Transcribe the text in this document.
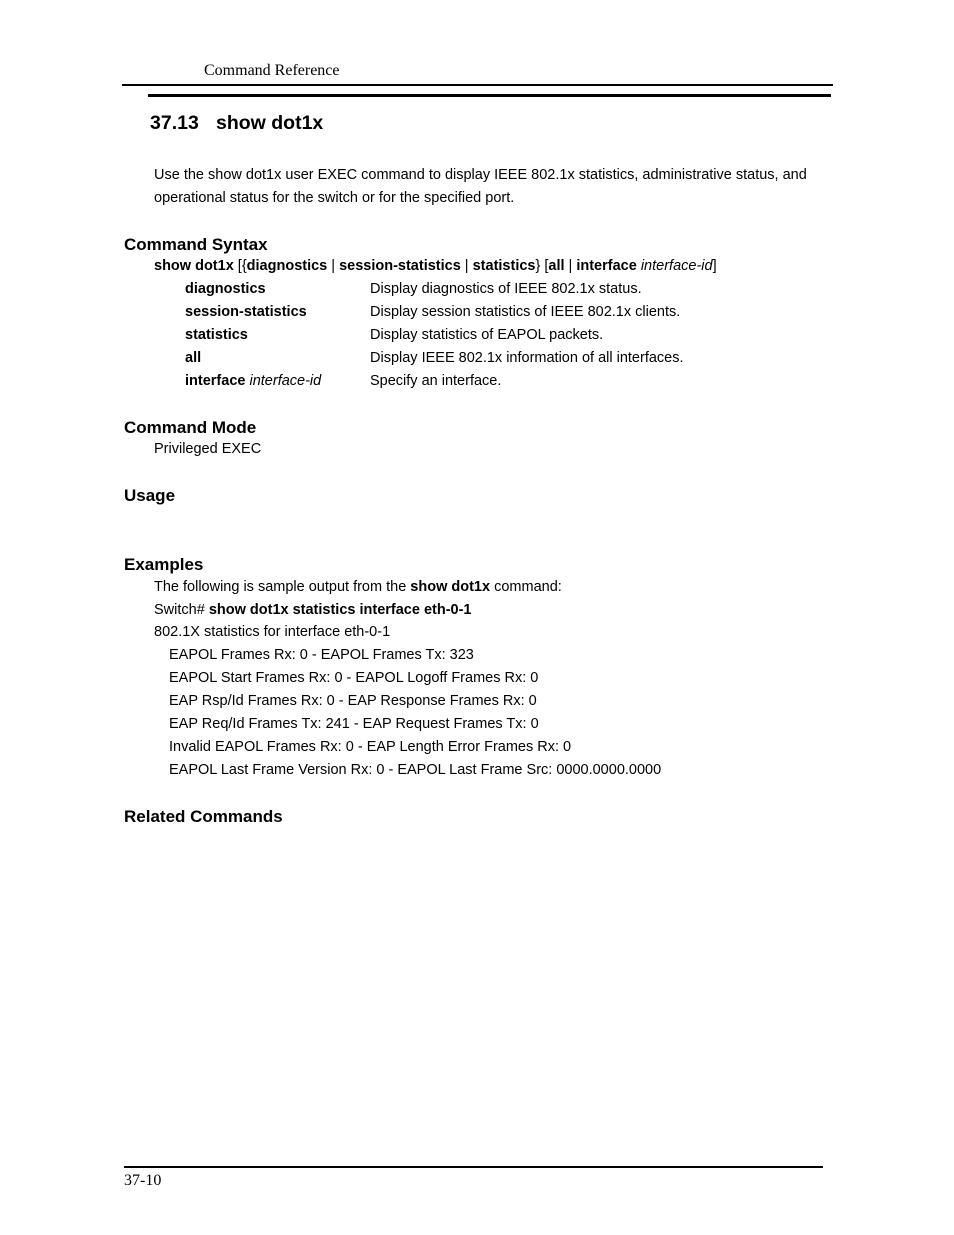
Command Reference
37.13 show dot1x
Use the show dot1x user EXEC command to display IEEE 802.1x statistics, administrative status, and operational status for the switch or for the specified port.
Command Syntax
show dot1x [{diagnostics | session-statistics | statistics} [all | interface interface-id]
diagnostics	Display diagnostics of IEEE 802.1x status.
session-statistics	Display session statistics of IEEE 802.1x clients.
statistics	Display statistics of EAPOL packets.
all	Display IEEE 802.1x information of all interfaces.
interface interface-id	Specify an interface.
Command Mode
Privileged EXEC
Usage
Examples
The following is sample output from the show dot1x command:
Switch# show dot1x statistics interface eth-0-1
802.1X statistics for interface eth-0-1
EAPOL Frames Rx: 0 - EAPOL Frames Tx: 323
EAPOL Start Frames Rx: 0 - EAPOL Logoff Frames Rx: 0
EAP Rsp/Id Frames Rx: 0 - EAP Response Frames Rx: 0
EAP Req/Id Frames Tx: 241 - EAP Request Frames Tx: 0
Invalid EAPOL Frames Rx: 0 - EAP Length Error Frames Rx: 0
EAPOL Last Frame Version Rx: 0 - EAPOL Last Frame Src: 0000.0000.0000
Related Commands
37-10
